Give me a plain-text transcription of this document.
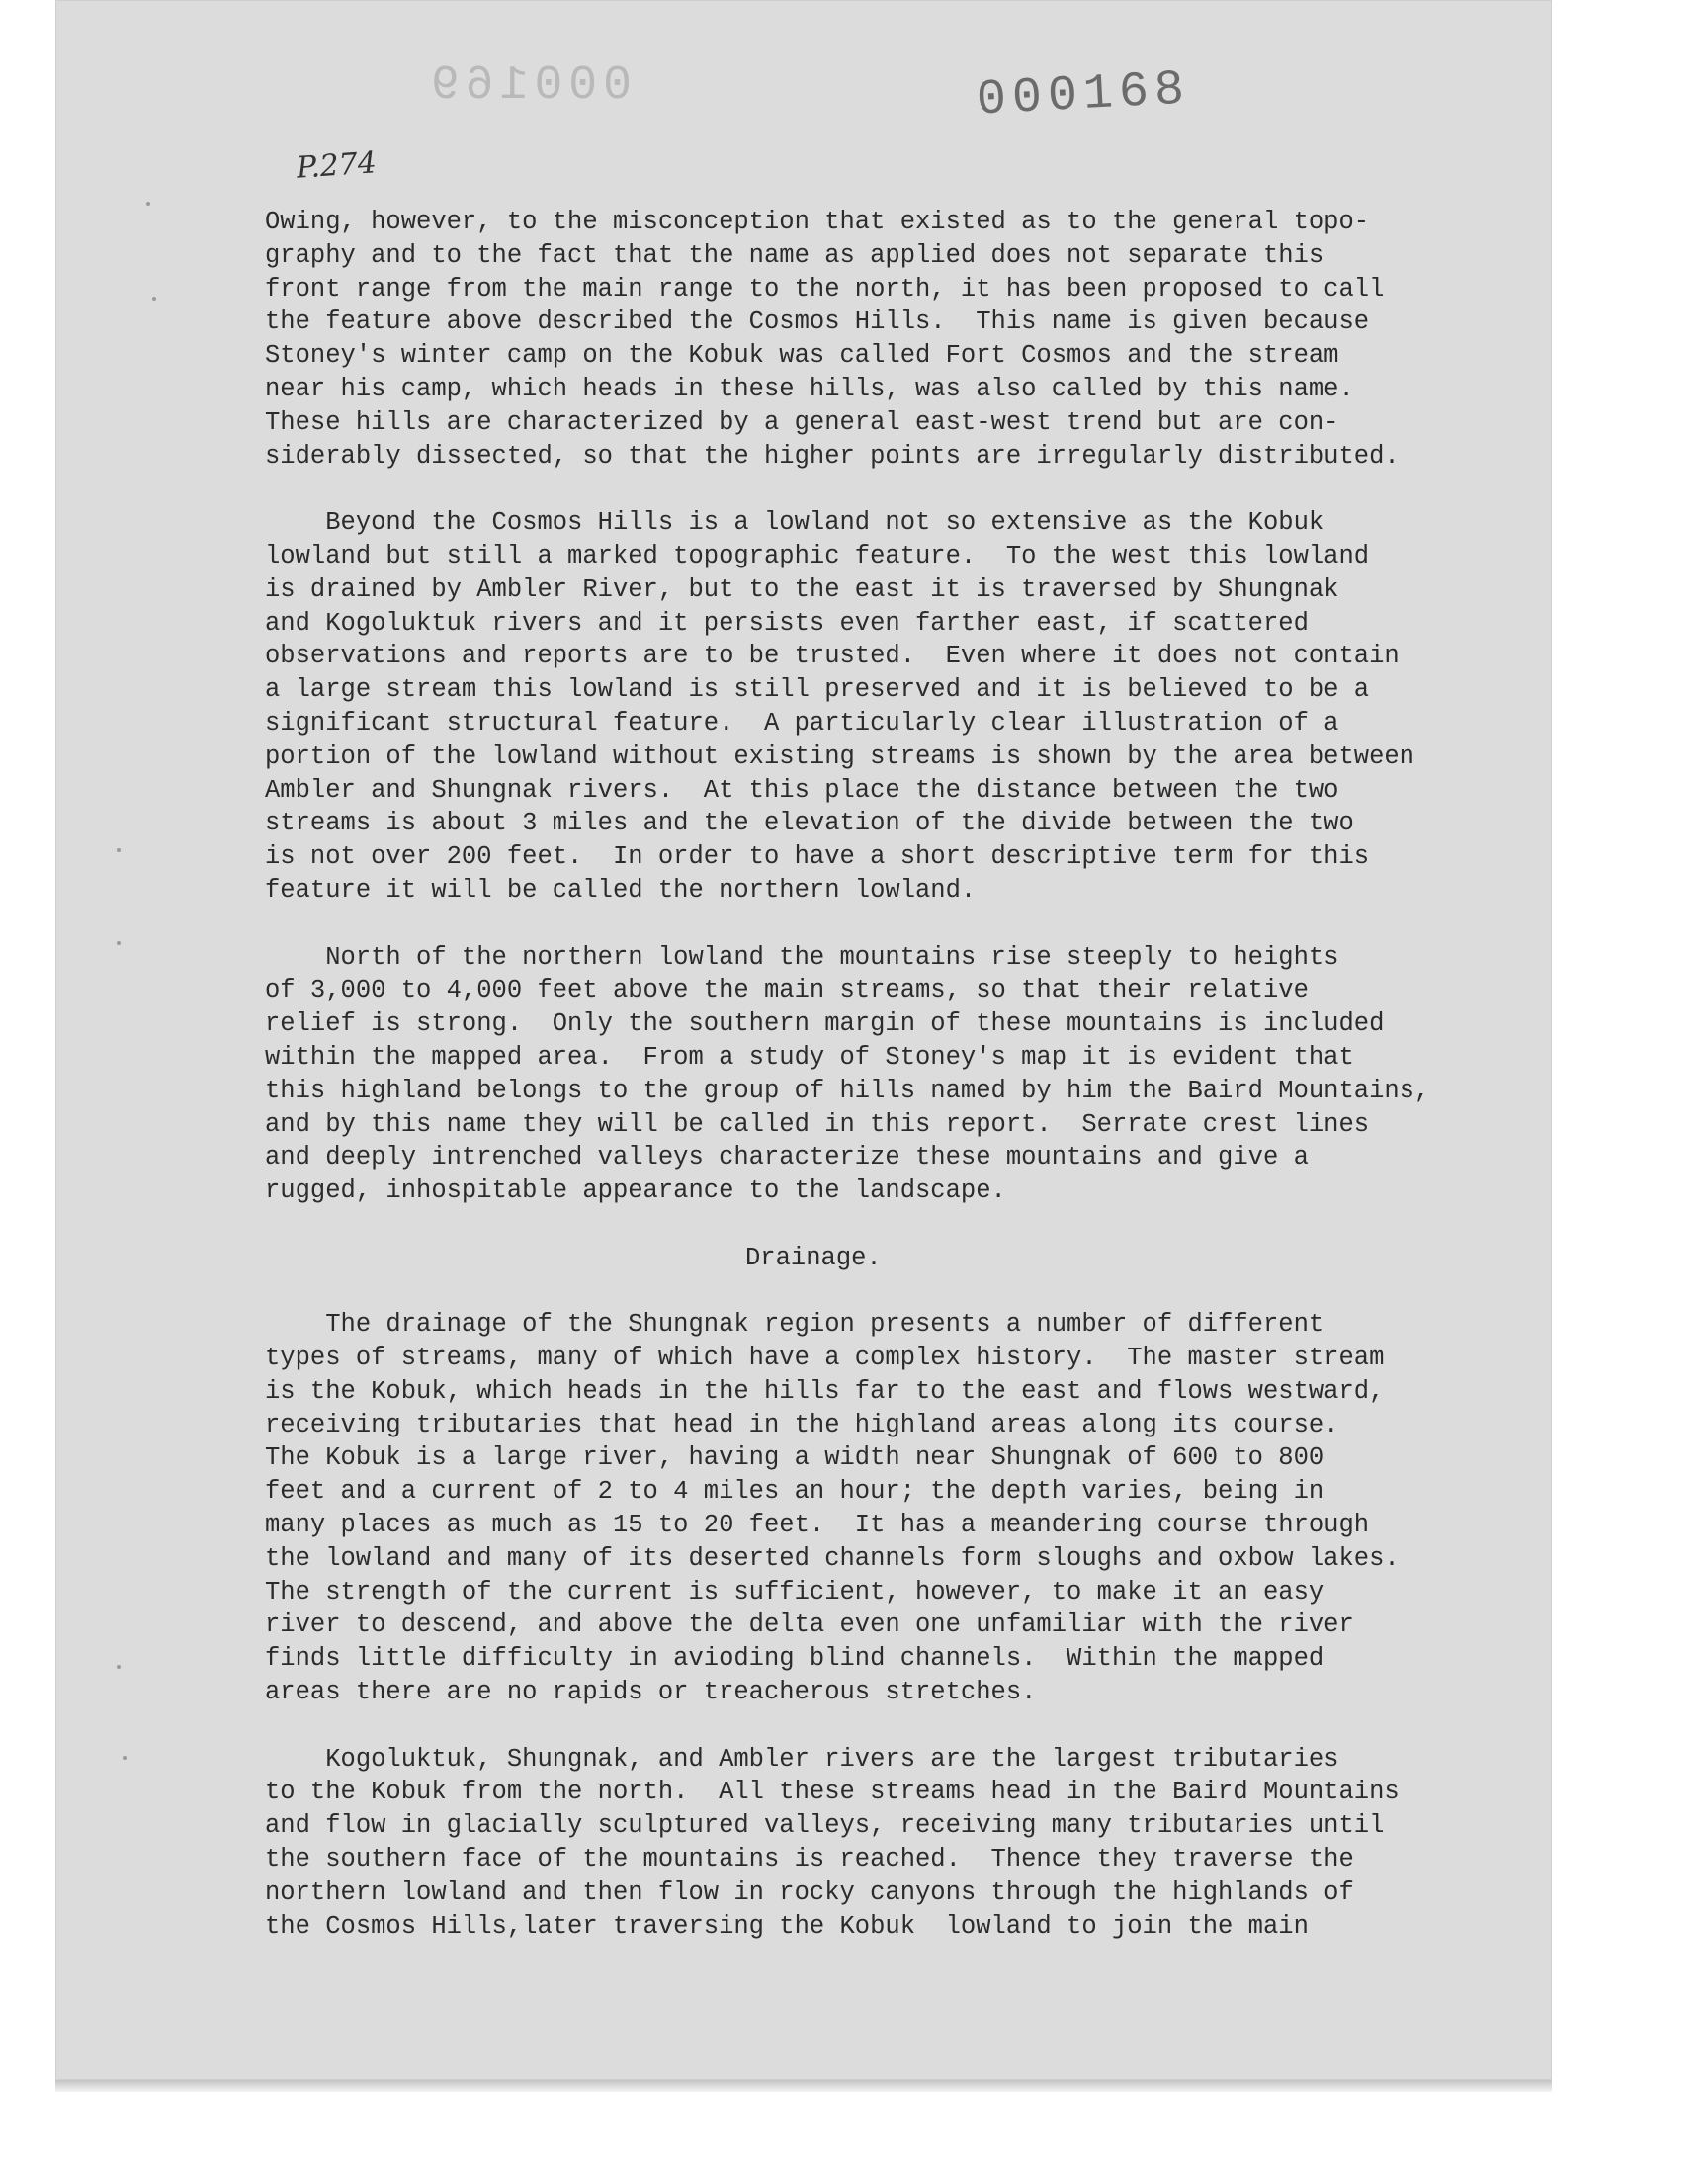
000169	000168
P.274
Owing, however, to the misconception that existed as to the general topo-
graphy and to the fact that the name as applied does not separate this
front range from the main range to the north, it has been proposed to call
the feature above described the Cosmos Hills.  This name is given because
Stoney's winter camp on the Kobuk was called Fort Cosmos and the stream
near his camp, which heads in these hills, was also called by this name.
These hills are characterized by a general east-west trend but are con-
siderably dissected, so that the higher points are irregularly distributed.
Beyond the Cosmos Hills is a lowland not so extensive as the Kobuk
lowland but still a marked topographic feature.  To the west this lowland
is drained by Ambler River, but to the east it is traversed by Shungnak
and Kogoluktuk rivers and it persists even farther east, if scattered
observations and reports are to be trusted.  Even where it does not contain
a large stream this lowland is still preserved and it is believed to be a
significant structural feature.  A particularly clear illustration of a
portion of the lowland without existing streams is shown by the area between
Ambler and Shungnak rivers.  At this place the distance between the two
streams is about 3 miles and the elevation of the divide between the two
is not over 200 feet.  In order to have a short descriptive term for this
feature it will be called the northern lowland.
North of the northern lowland the mountains rise steeply to heights
of 3,000 to 4,000 feet above the main streams, so that their relative
relief is strong.  Only the southern margin of these mountains is included
within the mapped area.  From a study of Stoney's map it is evident that
this highland belongs to the group of hills named by him the Baird Mountains,
and by this name they will be called in this report.  Serrate crest lines
and deeply intrenched valleys characterize these mountains and give a
rugged, inhospitable appearance to the landscape.
Drainage.
The drainage of the Shungnak region presents a number of different
types of streams, many of which have a complex history.  The master stream
is the Kobuk, which heads in the hills far to the east and flows westward,
receiving tributaries that head in the highland areas along its course.
The Kobuk is a large river, having a width near Shungnak of 600 to 800
feet and a current of 2 to 4 miles an hour; the depth varies, being in
many places as much as 15 to 20 feet.  It has a meandering course through
the lowland and many of its deserted channels form sloughs and oxbow lakes.
The strength of the current is sufficient, however, to make it an easy
river to descend, and above the delta even one unfamiliar with the river
finds little difficulty in avioding blind channels.  Within the mapped
areas there are no rapids or treacherous stretches.
Kogoluktuk, Shungnak, and Ambler rivers are the largest tributaries
to the Kobuk from the north.  All these streams head in the Baird Mountains
and flow in glacially sculptured valleys, receiving many tributaries until
the southern face of the mountains is reached.  Thence they traverse the
northern lowland and then flow in rocky canyons through the highlands of
the Cosmos Hills,later traversing the Kobuk  lowland to join the main
